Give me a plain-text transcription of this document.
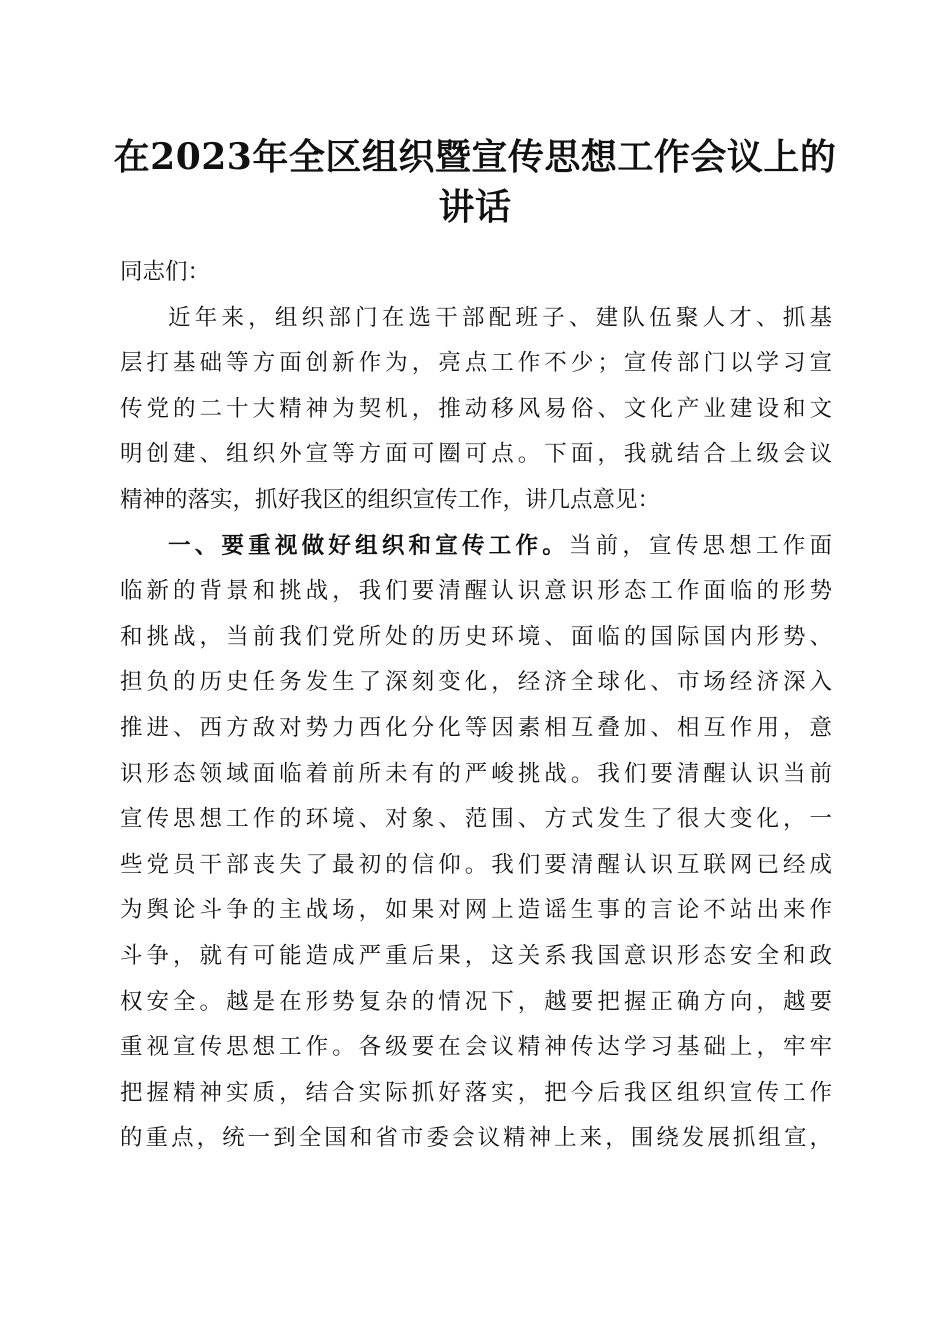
在2023年全区组织暨宣传思想工作会议上的
讲话
同志们：
近年来，组织部门在选干部配班子、建队伍聚人才、抓基
层打基础等方面创新作为，亮点工作不少；宣传部门以学习宣
传党的二十大精神为契机，推动移风易俗、文化产业建设和文
明创建、组织外宣等方面可圈可点。下面，我就结合上级会议
精神的落实，抓好我区的组织宣传工作，讲几点意见：
一、要重视做好组织和宣传工作。当前，宣传思想工作面
临新的背景和挑战，我们要清醒认识意识形态工作面临的形势
和挑战，当前我们党所处的历史环境、面临的国际国内形势、
担负的历史任务发生了深刻变化，经济全球化、市场经济深入
推进、西方敌对势力西化分化等因素相互叠加、相互作用，意
识形态领域面临着前所未有的严峻挑战。我们要清醒认识当前
宣传思想工作的环境、对象、范围、方式发生了很大变化，一
些党员干部丧失了最初的信仰。我们要清醒认识互联网已经成
为舆论斗争的主战场，如果对网上造谣生事的言论不站出来作
斗争，就有可能造成严重后果，这关系我国意识形态安全和政
权安全。越是在形势复杂的情况下，越要把握正确方向，越要
重视宣传思想工作。各级要在会议精神传达学习基础上，牢牢
把握精神实质，结合实际抓好落实，把今后我区组织宣传工作
的重点，统一到全国和省市委会议精神上来，围绕发展抓组宣，
